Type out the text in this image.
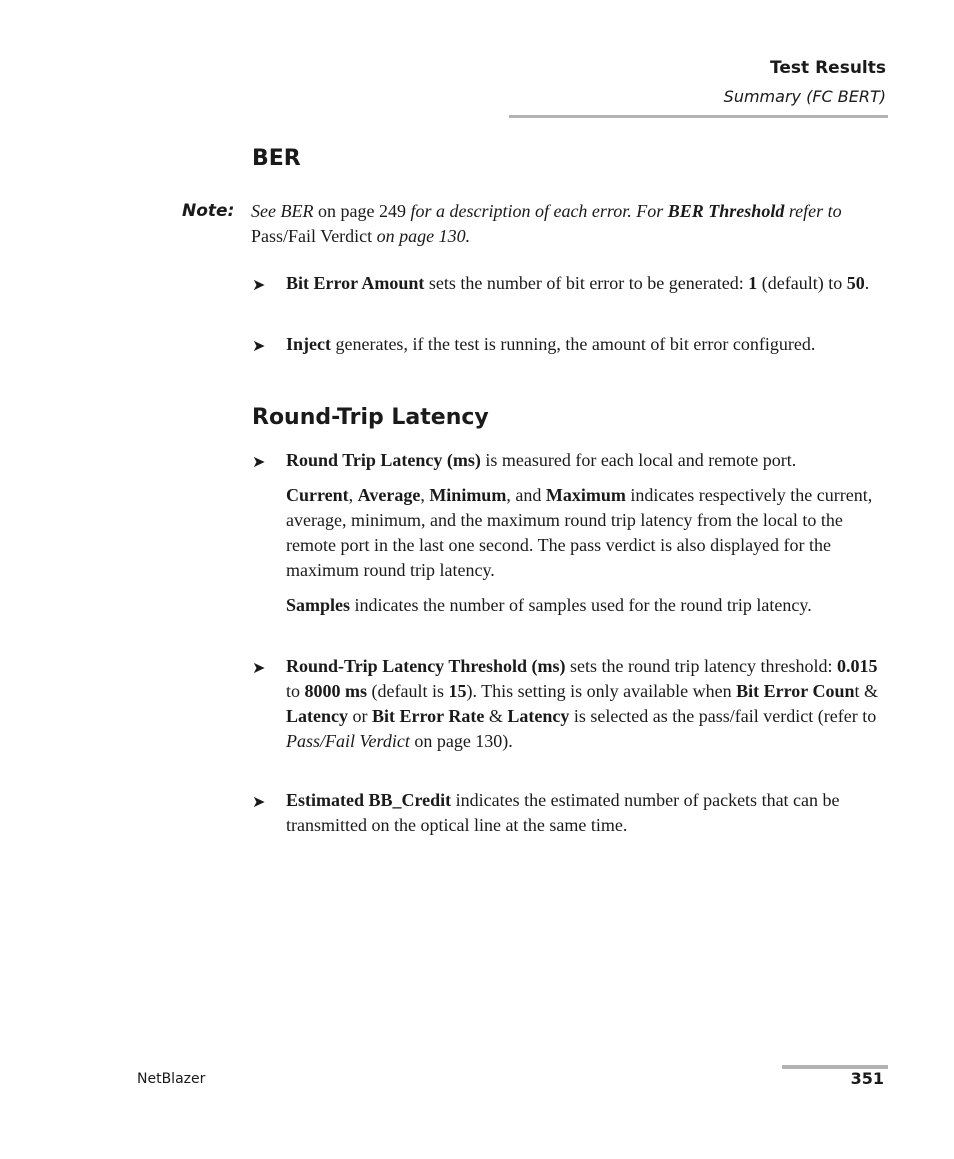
Test Results
Summary (FC BERT)
BER
Note: See BER on page 249 for a description of each error. For BER Threshold refer to Pass/Fail Verdict on page 130.

➤ Bit Error Amount sets the number of bit error to be generated: 1 (default) to 50.

➤ Inject generates, if the test is running, the amount of bit error configured.

Round-Trip Latency
➤ Round Trip Latency (ms) is measured for each local and remote port.

Current, Average, Minimum, and Maximum indicates respectively the current, average, minimum, and the maximum round trip latency from the local to the remote port in the last one second. The pass verdict is also displayed for the maximum round trip latency.

Samples indicates the number of samples used for the round trip latency.

➤ Round-Trip Latency Threshold (ms) sets the round trip latency threshold: 0.015 to 8000 ms (default is 15). This setting is only available when Bit Error Count & Latency or Bit Error Rate & Latency is selected as the pass/fail verdict (refer to Pass/Fail Verdict on page 130).

➤ Estimated BB_Credit indicates the estimated number of packets that can be transmitted on the optical line at the same time.

NetBlazer	351
